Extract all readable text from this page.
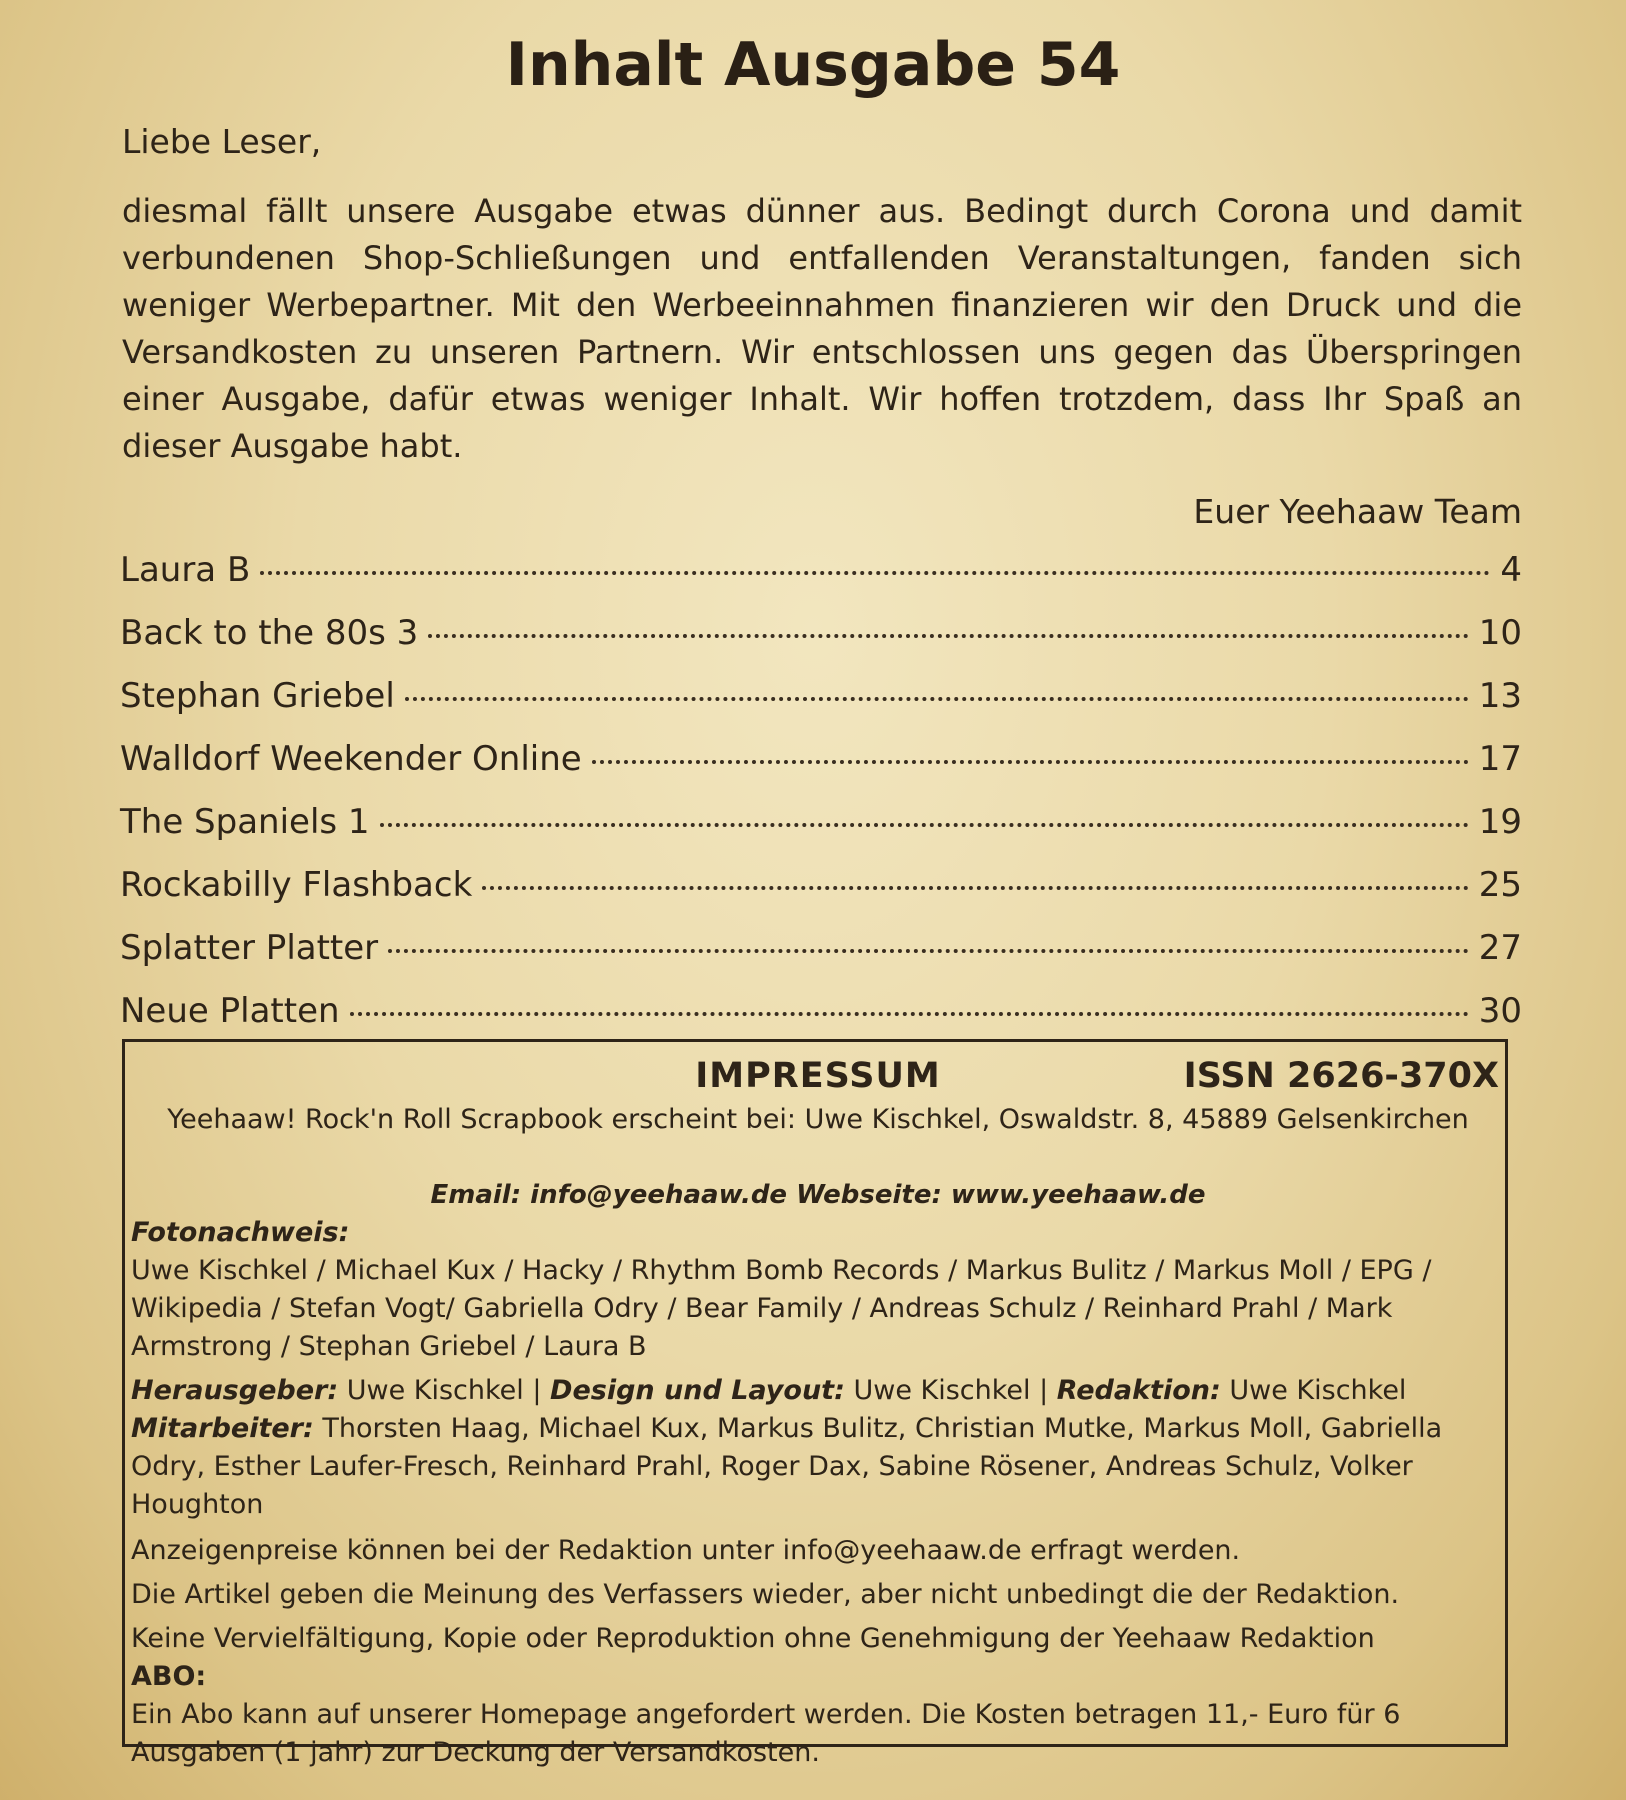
Inhalt Ausgabe 54
Liebe Leser,
diesmal fällt unsere Ausgabe etwas dünner aus. Bedingt durch Corona und damit verbundenen Shop-Schließungen und entfallenden Veranstaltungen, fanden sich weniger Werbepartner. Mit den Werbeeinnahmen finanzieren wir den Druck und die Versandkosten zu unseren Partnern. Wir entschlossen uns gegen das Überspringen einer Ausgabe, dafür etwas weniger Inhalt. Wir hoffen trotzdem, dass Ihr Spaß an dieser Ausgabe habt.
Euer Yeehaaw Team
Laura B	4
Back to the 80s 3	10
Stephan Griebel	13
Walldorf Weekender Online	17
The Spaniels 1	19
Rockabilly Flashback	25
Splatter Platter	27
Neue Platten	30
IMPRESSUM	ISSN 2626-370X
Yeehaaw! Rock'n Roll Scrapbook erscheint bei: Uwe Kischkel, Oswaldstr. 8, 45889 Gelsenkirchen
Email: info@yeehaaw.de Webseite: www.yeehaaw.de

Fotonachweis:

Uwe Kischkel / Michael Kux / Hacky / Rhythm Bomb Records / Markus Bulitz / Markus Moll / EPG / Wikipedia / Stefan Vogt/ Gabriella Odry / Bear Family / Andreas Schulz / Reinhard Prahl / Mark Armstrong / Stephan Griebel / Laura B

Herausgeber: Uwe Kischkel | Design und Layout: Uwe Kischkel | Redaktion: Uwe Kischkel

Mitarbeiter: Thorsten Haag, Michael Kux, Markus Bulitz, Christian Mutke, Markus Moll, Gabriella Odry, Esther Laufer-Fresch, Reinhard Prahl, Roger Dax, Sabine Rösener, Andreas Schulz, Volker Houghton

Anzeigenpreise können bei der Redaktion unter info@yeehaaw.de erfragt werden.

Die Artikel geben die Meinung des Verfassers wieder, aber nicht unbedingt die der Redaktion.

Keine Vervielfältigung, Kopie oder Reproduktion ohne Genehmigung der Yeehaaw Redaktion

ABO:

Ein Abo kann auf unserer Homepage angefordert werden. Die Kosten betragen 11,- Euro für 6 Ausgaben (1 jahr) zur Deckung der Versandkosten.
